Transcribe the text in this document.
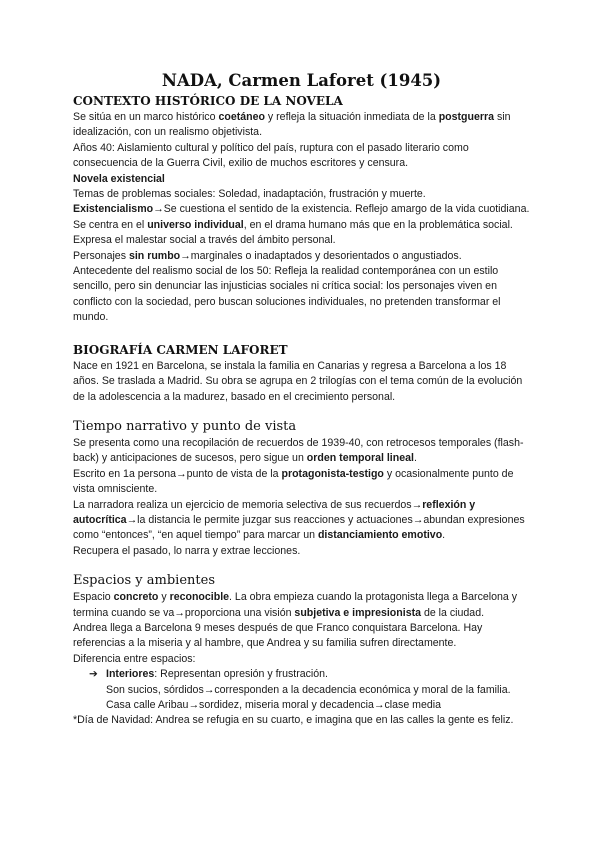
NADA, Carmen Laforet (1945)
CONTEXTO HISTÓRICO DE LA NOVELA

Se sitúa en un marco histórico coetáneo y refleja la situación inmediata de la postguerra sin idealización, con un realismo objetivista.

Años 40: Aislamiento cultural y político del país, ruptura con el pasado literario como consecuencia de la Guerra Civil, exilio de muchos escritores y censura.

Novela existencial

Temas de problemas sociales: Soledad, inadaptación, frustración y muerte.

Existencialismo→Se cuestiona el sentido de la existencia. Reflejo amargo de la vida cuotidiana.

Se centra en el universo individual, en el drama humano más que en la problemática social. Expresa el malestar social a través del ámbito personal.

Personajes sin rumbo→marginales o inadaptados y desorientados o angustiados.

Antecedente del realismo social de los 50: Refleja la realidad contemporánea con un estilo sencillo, pero sin denunciar las injusticias sociales ni crítica social: los personajes viven en conflicto con la sociedad, pero buscan soluciones individuales, no pretenden transformar el mundo.

BIOGRAFÍA CARMEN LAFORET

Nace en 1921 en Barcelona, se instala la familia en Canarias y regresa a Barcelona a los 18 años. Se traslada a Madrid. Su obra se agrupa en 2 trilogías con el tema común de la evolución de la adolescencia a la madurez, basado en el crecimiento personal.

Tiempo narrativo y punto de vista

Se presenta como una recopilación de recuerdos de 1939-40, con retrocesos temporales (flash-back) y anticipaciones de sucesos, pero sigue un orden temporal lineal.

Escrito en 1a persona→punto de vista de la protagonista-testigo y ocasionalmente punto de vista omnisciente.

La narradora realiza un ejercicio de memoria selectiva de sus recuerdos→reflexión y autocrítica→la distancia le permite juzgar sus reacciones y actuaciones→abundan expresiones como “entonces”, “en aquel tiempo” para marcar un distanciamiento emotivo.

Recupera el pasado, lo narra y extrae lecciones.

Espacios y ambientes

Espacio concreto y reconocible. La obra empieza cuando la protagonista llega a Barcelona y termina cuando se va→proporciona una visión subjetiva e impresionista de la ciudad.

Andrea llega a Barcelona 9 meses después de que Franco conquistara Barcelona. Hay referencias a la miseria y al hambre, que Andrea y su familia sufren directamente.

Diferencia entre espacios:

➔ Interiores: Representan opresión y frustración.

Son sucios, sórdidos→corresponden a la decadencia económica y moral de la familia.

Casa calle Aribau→sordidez, miseria moral y decadencia→clase media

*Día de Navidad: Andrea se refugia en su cuarto, e imagina que en las calles la gente es feliz.
